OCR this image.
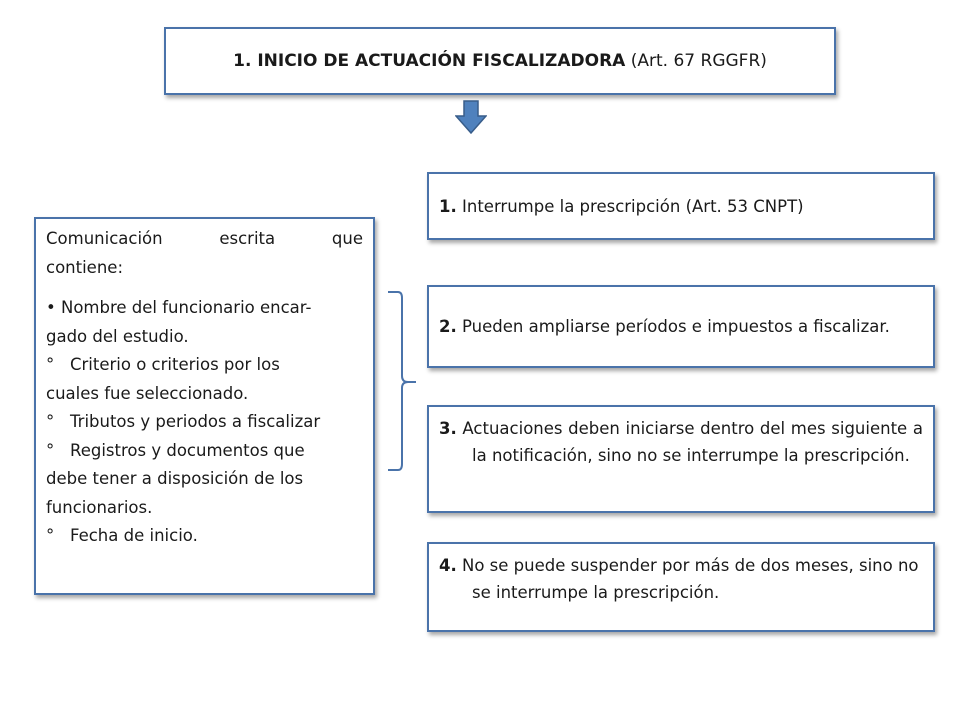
1. INICIO DE ACTUACIÓN FISCALIZADORA (Art. 67 RGGFR)
Comunicación escrita que
contiene:
• Nombre del funcionario encar-
gado del estudio.
° Criterio o criterios por los
cuales fue seleccionado.
° Tributos y periodos a fiscalizar
° Registros y documentos que
debe tener a disposición de los
funcionarios.
° Fecha de inicio.
1. Interrumpe la prescripción (Art. 53 CNPT)
2. Pueden ampliarse períodos e impuestos a fiscalizar.
3. Actuaciones deben iniciarse dentro del mes siguiente a la notificación, sino no se interrumpe la prescripción.
4. No se puede suspender por más de dos meses, sino no se interrumpe la prescripción.
